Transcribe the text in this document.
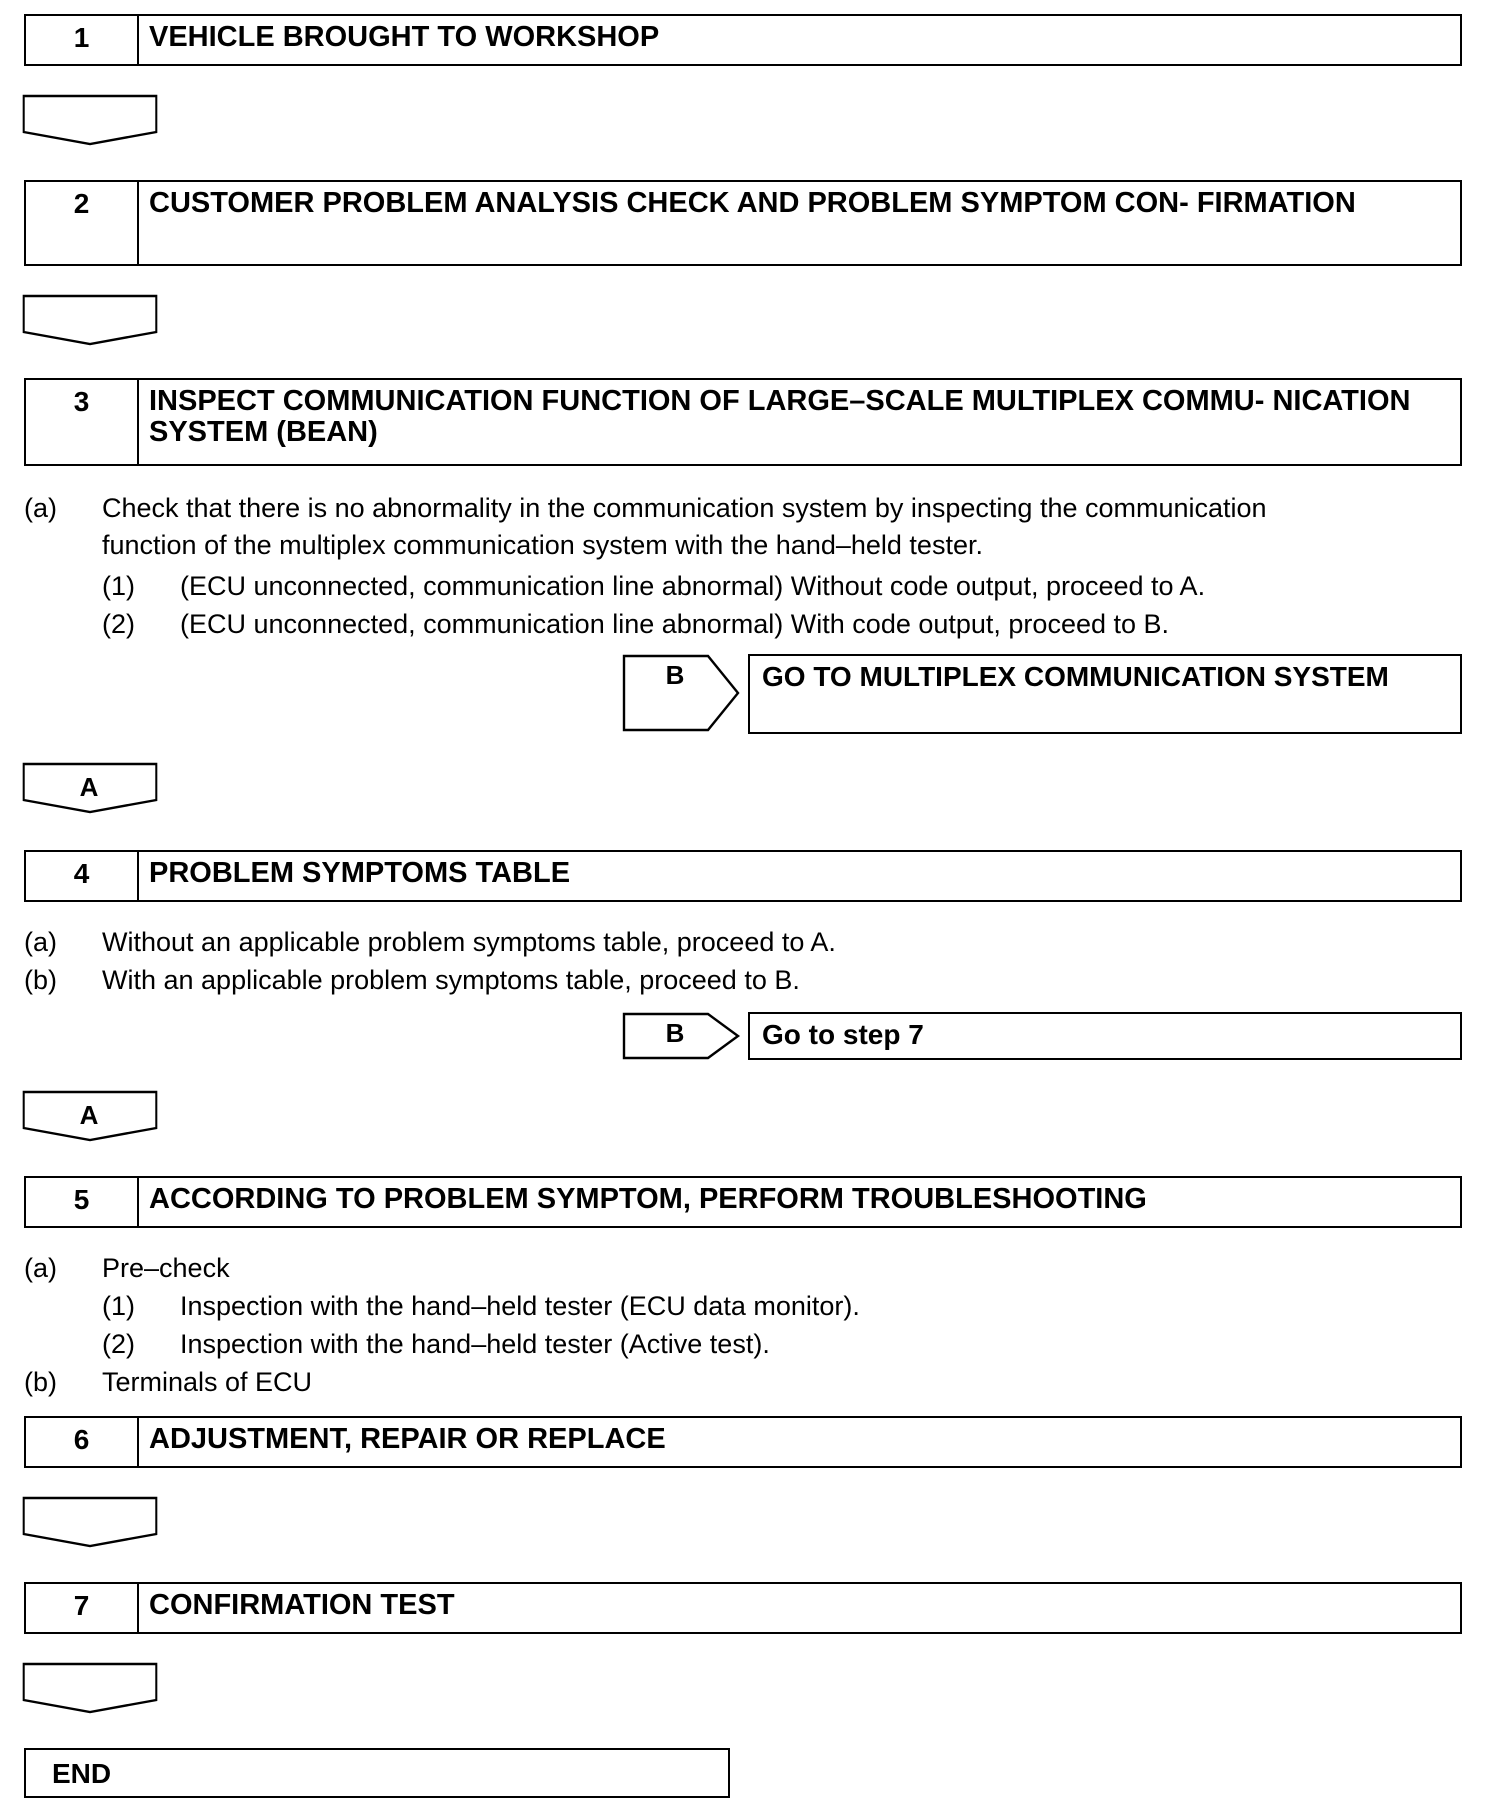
1	VEHICLE BROUGHT TO WORKSHOP
2	CUSTOMER PROBLEM ANALYSIS CHECK AND PROBLEM SYMPTOM CON- FIRMATION
3	INSPECT COMMUNICATION FUNCTION OF LARGE–SCALE MULTIPLEX COMMU- NICATION SYSTEM (BEAN)
(a) Check that there is no abnormality in the communication system by inspecting the communication
function of the multiplex communication system with the hand–held tester.
(1) (ECU unconnected, communication line abnormal) Without code output, proceed to A.
(2) (ECU unconnected, communication line abnormal) With code output, proceed to B.
B	GO TO MULTIPLEX COMMUNICATION SYSTEM
A
4	PROBLEM SYMPTOMS TABLE
(a) Without an applicable problem symptoms table, proceed to A.
(b) With an applicable problem symptoms table, proceed to B.
B	Go to step 7
A
5	ACCORDING TO PROBLEM SYMPTOM, PERFORM TROUBLESHOOTING
(a) Pre–check
(1) Inspection with the hand–held tester (ECU data monitor).
(2) Inspection with the hand–held tester (Active test).
(b) Terminals of ECU
6	ADJUSTMENT, REPAIR OR REPLACE
7	CONFIRMATION TEST
END
